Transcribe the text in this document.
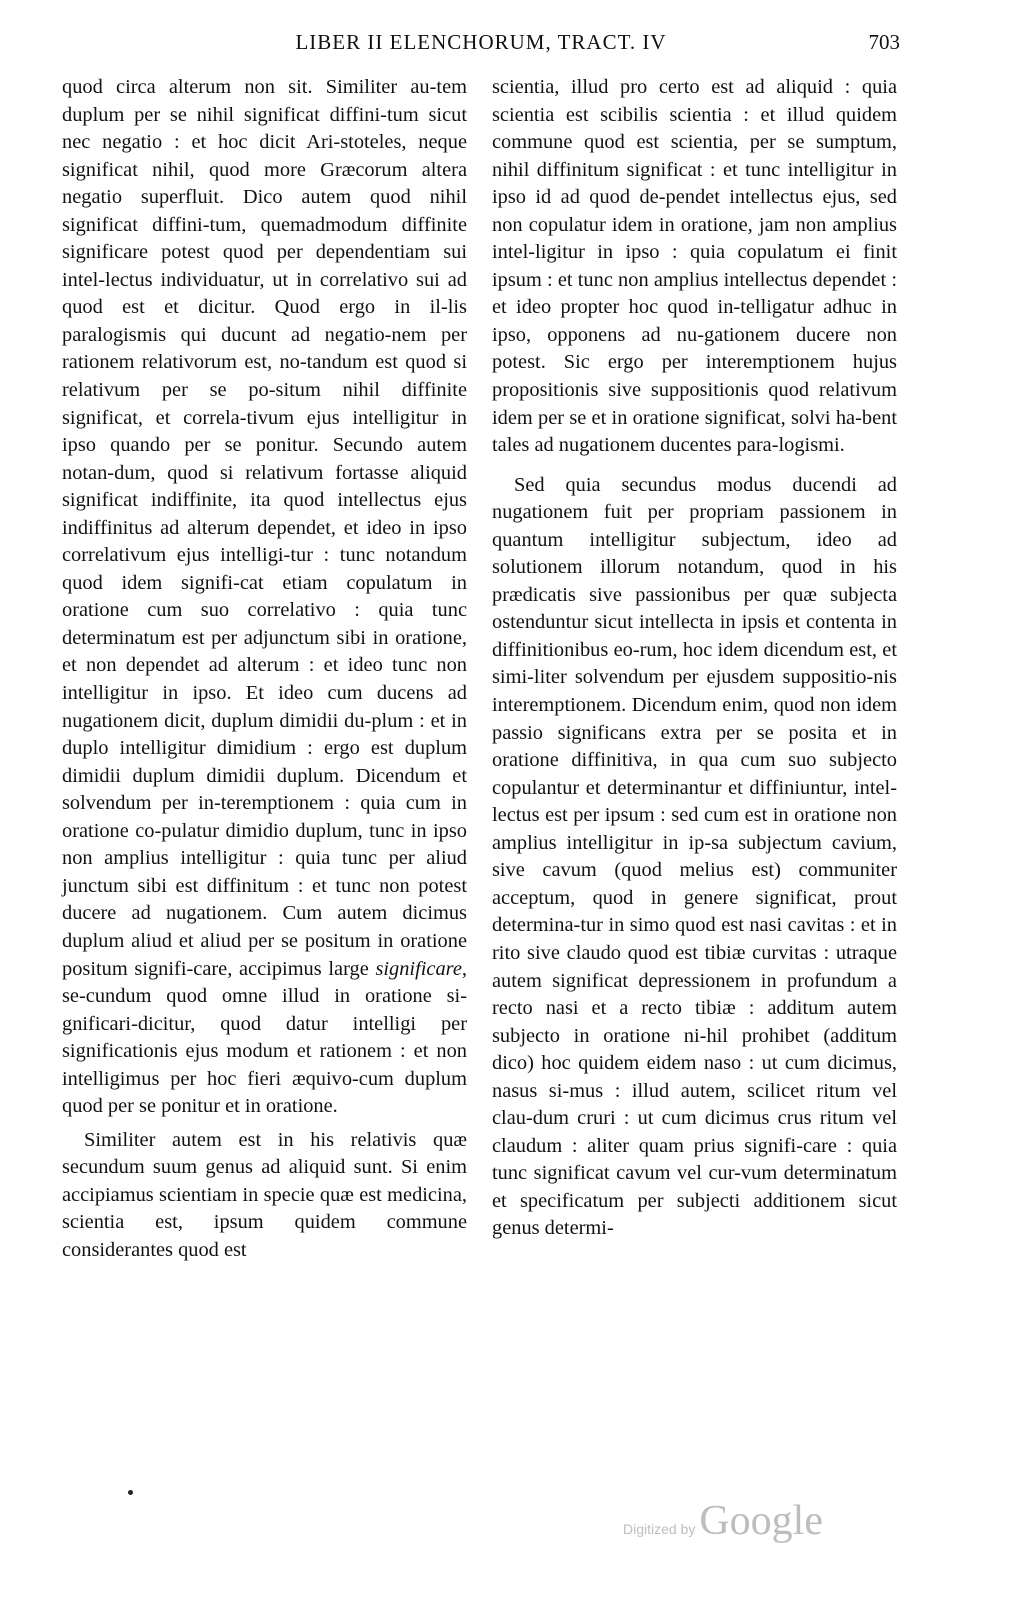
LIBER II ELENCHORUM, TRACT. IV	703

quod circa alterum non sit. Similiter au-tem duplum per se nihil significat diffini-tum sicut nec negatio : et hoc dicit Ari-stoteles, neque significat nihil, quod more Græcorum altera negatio superfluit. Dico autem quod nihil significat diffini-tum, quemadmodum diffinite significare potest quod per dependentiam sui intel-lectus individuatur, ut in correlativo sui ad quod est et dicitur. Quod ergo in il-lis paralogismis qui ducunt ad negatio-nem per rationem relativorum est, no-tandum est quod si relativum per se po-situm nihil diffinite significat, et correla-tivum ejus intelligitur in ipso quando per se ponitur. Secundo autem notan-dum, quod si relativum fortasse aliquid significat indiffinite, ita quod intellectus ejus indiffinitus ad alterum dependet, et ideo in ipso correlativum ejus intelligi-tur : tunc notandum quod idem signifi-cat etiam copulatum in oratione cum suo correlativo : quia tunc determinatum est per adjunctum sibi in oratione, et non dependet ad alterum : et ideo tunc non intelligitur in ipso. Et ideo cum ducens ad nugationem dicit, duplum dimidii du-plum : et in duplo intelligitur dimidium : ergo est duplum dimidii duplum dimidii duplum. Dicendum et solvendum per in-teremptionem : quia cum in oratione co-pulatur dimidio duplum, tunc in ipso non amplius intelligitur : quia tunc per aliud junctum sibi est diffinitum : et tunc non potest ducere ad nugationem. Cum autem dicimus duplum aliud et aliud per se positum in oratione positum signifi-care, accipimus large significare, se-cundum quod omne illud in oratione si-gnificari-dicitur, quod datur intelligi per significationis ejus modum et rationem : et non intelligimus per hoc fieri æquivo-cum duplum quod per se ponitur et in oratione.

Similiter autem est in his relativis quæ secundum suum genus ad aliquid sunt. Si enim accipiamus scientiam in specie quæ est medicina, scientia est, ipsum quidem commune considerantes quod est

scientia, illud pro certo est ad aliquid : quia scientia est scibilis scientia : et illud quidem commune quod est scientia, per se sumptum, nihil diffinitum significat : et tunc intelligitur in ipso id ad quod de-pendet intellectus ejus, sed non copulatur idem in oratione, jam non amplius intel-ligitur in ipso : quia copulatum ei finit ipsum : et tunc non amplius intellectus dependet : et ideo propter hoc quod in-telligatur adhuc in ipso, opponens ad nu-gationem ducere non potest. Sic ergo per interemptionem hujus propositionis sive suppositionis quod relativum idem per se et in oratione significat, solvi ha-bent tales ad nugationem ducentes para-logismi.

Sed quia secundus modus ducendi ad nugationem fuit per propriam passionem in quantum intelligitur subjectum, ideo ad solutionem illorum notandum, quod in his prædicatis sive passionibus per quæ subjecta ostenduntur sicut intellecta in ipsis et contenta in diffinitionibus eo-rum, hoc idem dicendum est, et simi-liter solvendum per ejusdem suppositio-nis interemptionem. Dicendum enim, quod non idem passio significans extra per se posita et in oratione diffinitiva, in qua cum suo subjecto copulantur et determinantur et diffiniuntur, intel-lectus est per ipsum : sed cum est in oratione non amplius intelligitur in ip-sa subjectum cavium, sive cavum (quod melius est) communiter acceptum, quod in genere significat, prout determina-tur in simo quod est nasi cavitas : et in rito sive claudo quod est tibiæ curvitas : utraque autem significat depressionem in profundum a recto nasi et a recto tibiæ : additum autem subjecto in oratione ni-hil prohibet (additum dico) hoc quidem eidem naso : ut cum dicimus, nasus si-mus : illud autem, scilicet ritum vel clau-dum cruri : ut cum dicimus crus ritum vel claudum : aliter quam prius signifi-care : quia tunc significat cavum vel cur-vum determinatum et specificatum per subjecti additionem sicut genus determi-

Digitized by Google
